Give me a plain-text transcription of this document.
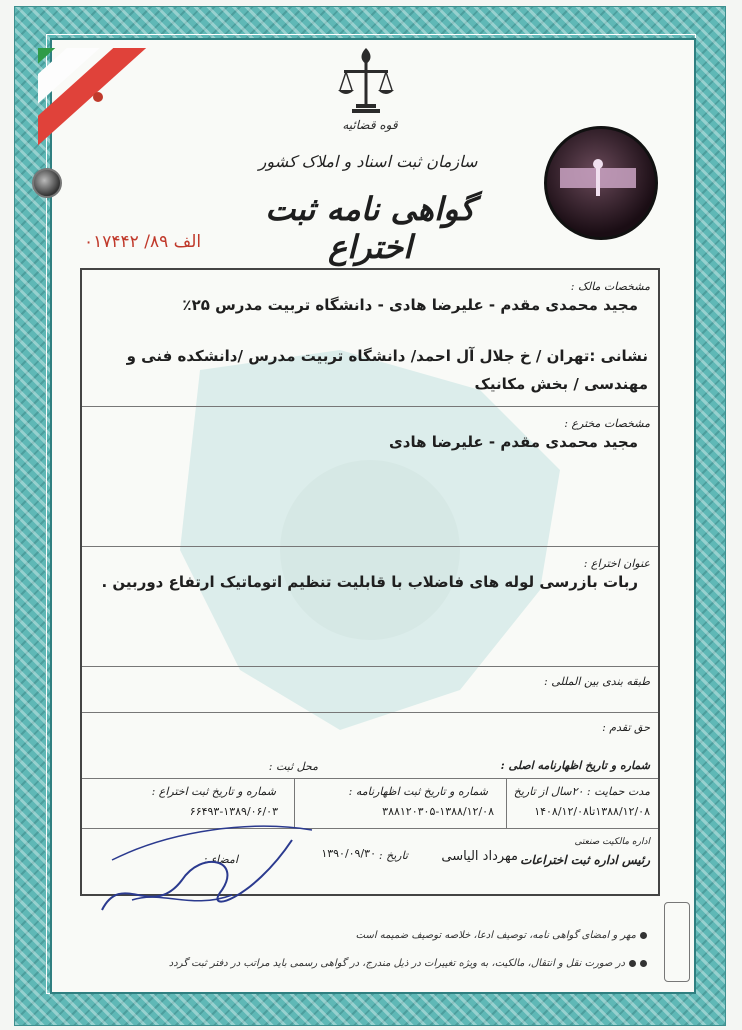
قوه قضائیه
سازمان ثبت اسناد و املاک کشور
گواهی نامه ثبت اختراع
الف ۸۹/ ۰۱۷۴۴۲
مشخصات مالک :
مجید محمدی مقدم - علیرضا هادی - دانشگاه تربیت مدرس ۲۵٪
نشانی :تهران / خ جلال آل احمد/ دانشگاه تربیت مدرس /دانشکده فنی و مهندسی / بخش مکانیک
مشخصات مخترع :
مجید محمدی مقدم - علیرضا هادی
عنوان اختراع :
ربات بازرسی لوله های فاضلاب با قابلیت تنظیم اتوماتیک ارتفاع دوربین .
طبقه بندی بین المللی :
حق تقدم :
شماره و تاریخ اظهارنامه اصلی :
محل ثبت :
مدت حمایت : ۲۰سال از تاریخ
۱۳۸۸/۱۲/۰۸تا۱۴۰۸/۱۲/۰۸
شماره و تاریخ ثبت اظهارنامه :
۳۸۸۱۲۰۳۰۵-۱۳۸۸/۱۲/۰۸
شماره و تاریخ ثبت اختراع :
۶۶۴۹۳-۱۳۸۹/۰۶/۰۳
اداره مالکیت صنعتی
رئیس اداره ثبت اختراعات
مهرداد الیاسی
تاریخ :
۱۳۹۰/۰۹/۳۰
امضاء :
مهر و امضای گواهی نامه، توصیف ادعا، خلاصه توصیف ضمیمه است
در صورت نقل و انتقال، مالکیت، به ویژه تغییرات در ذیل مندرج، در گواهی رسمی باید مراتب در دفتر ثبت گردد
